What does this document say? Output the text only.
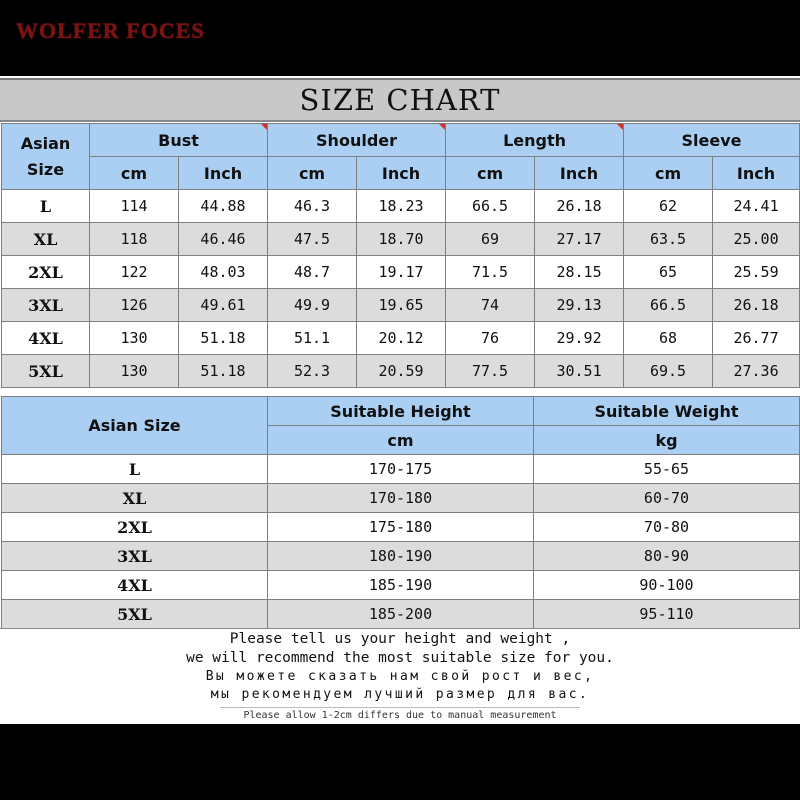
WOLFER FOCES
SIZE CHART
Asian Size	Bust		Shoulder		Length		Sleeve	
	cm	Inch	cm	Inch	cm	Inch	cm	Inch
L	114	44.88	46.3	18.23	66.5	26.18	62	24.41
XL	118	46.46	47.5	18.70	69	27.17	63.5	25.00
2XL	122	48.03	48.7	19.17	71.5	28.15	65	25.59
3XL	126	49.61	49.9	19.65	74	29.13	66.5	26.18
4XL	130	51.18	51.1	20.12	76	29.92	68	26.77
5XL	130	51.18	52.3	20.59	77.5	30.51	69.5	27.36
Asian Size	Suitable Height	Suitable Weight
	cm	kg
L	170-175	55-65
XL	170-180	60-70
2XL	175-180	70-80
3XL	180-190	80-90
4XL	185-190	90-100
5XL	185-200	95-110
Please tell us your height and weight ,
we will recommend the most suitable size for you.
Вы можете сказать нам свой рост и вес,
мы рекомендуем лучший размер для вас.
Please allow 1-2cm differs due to manual measurement
